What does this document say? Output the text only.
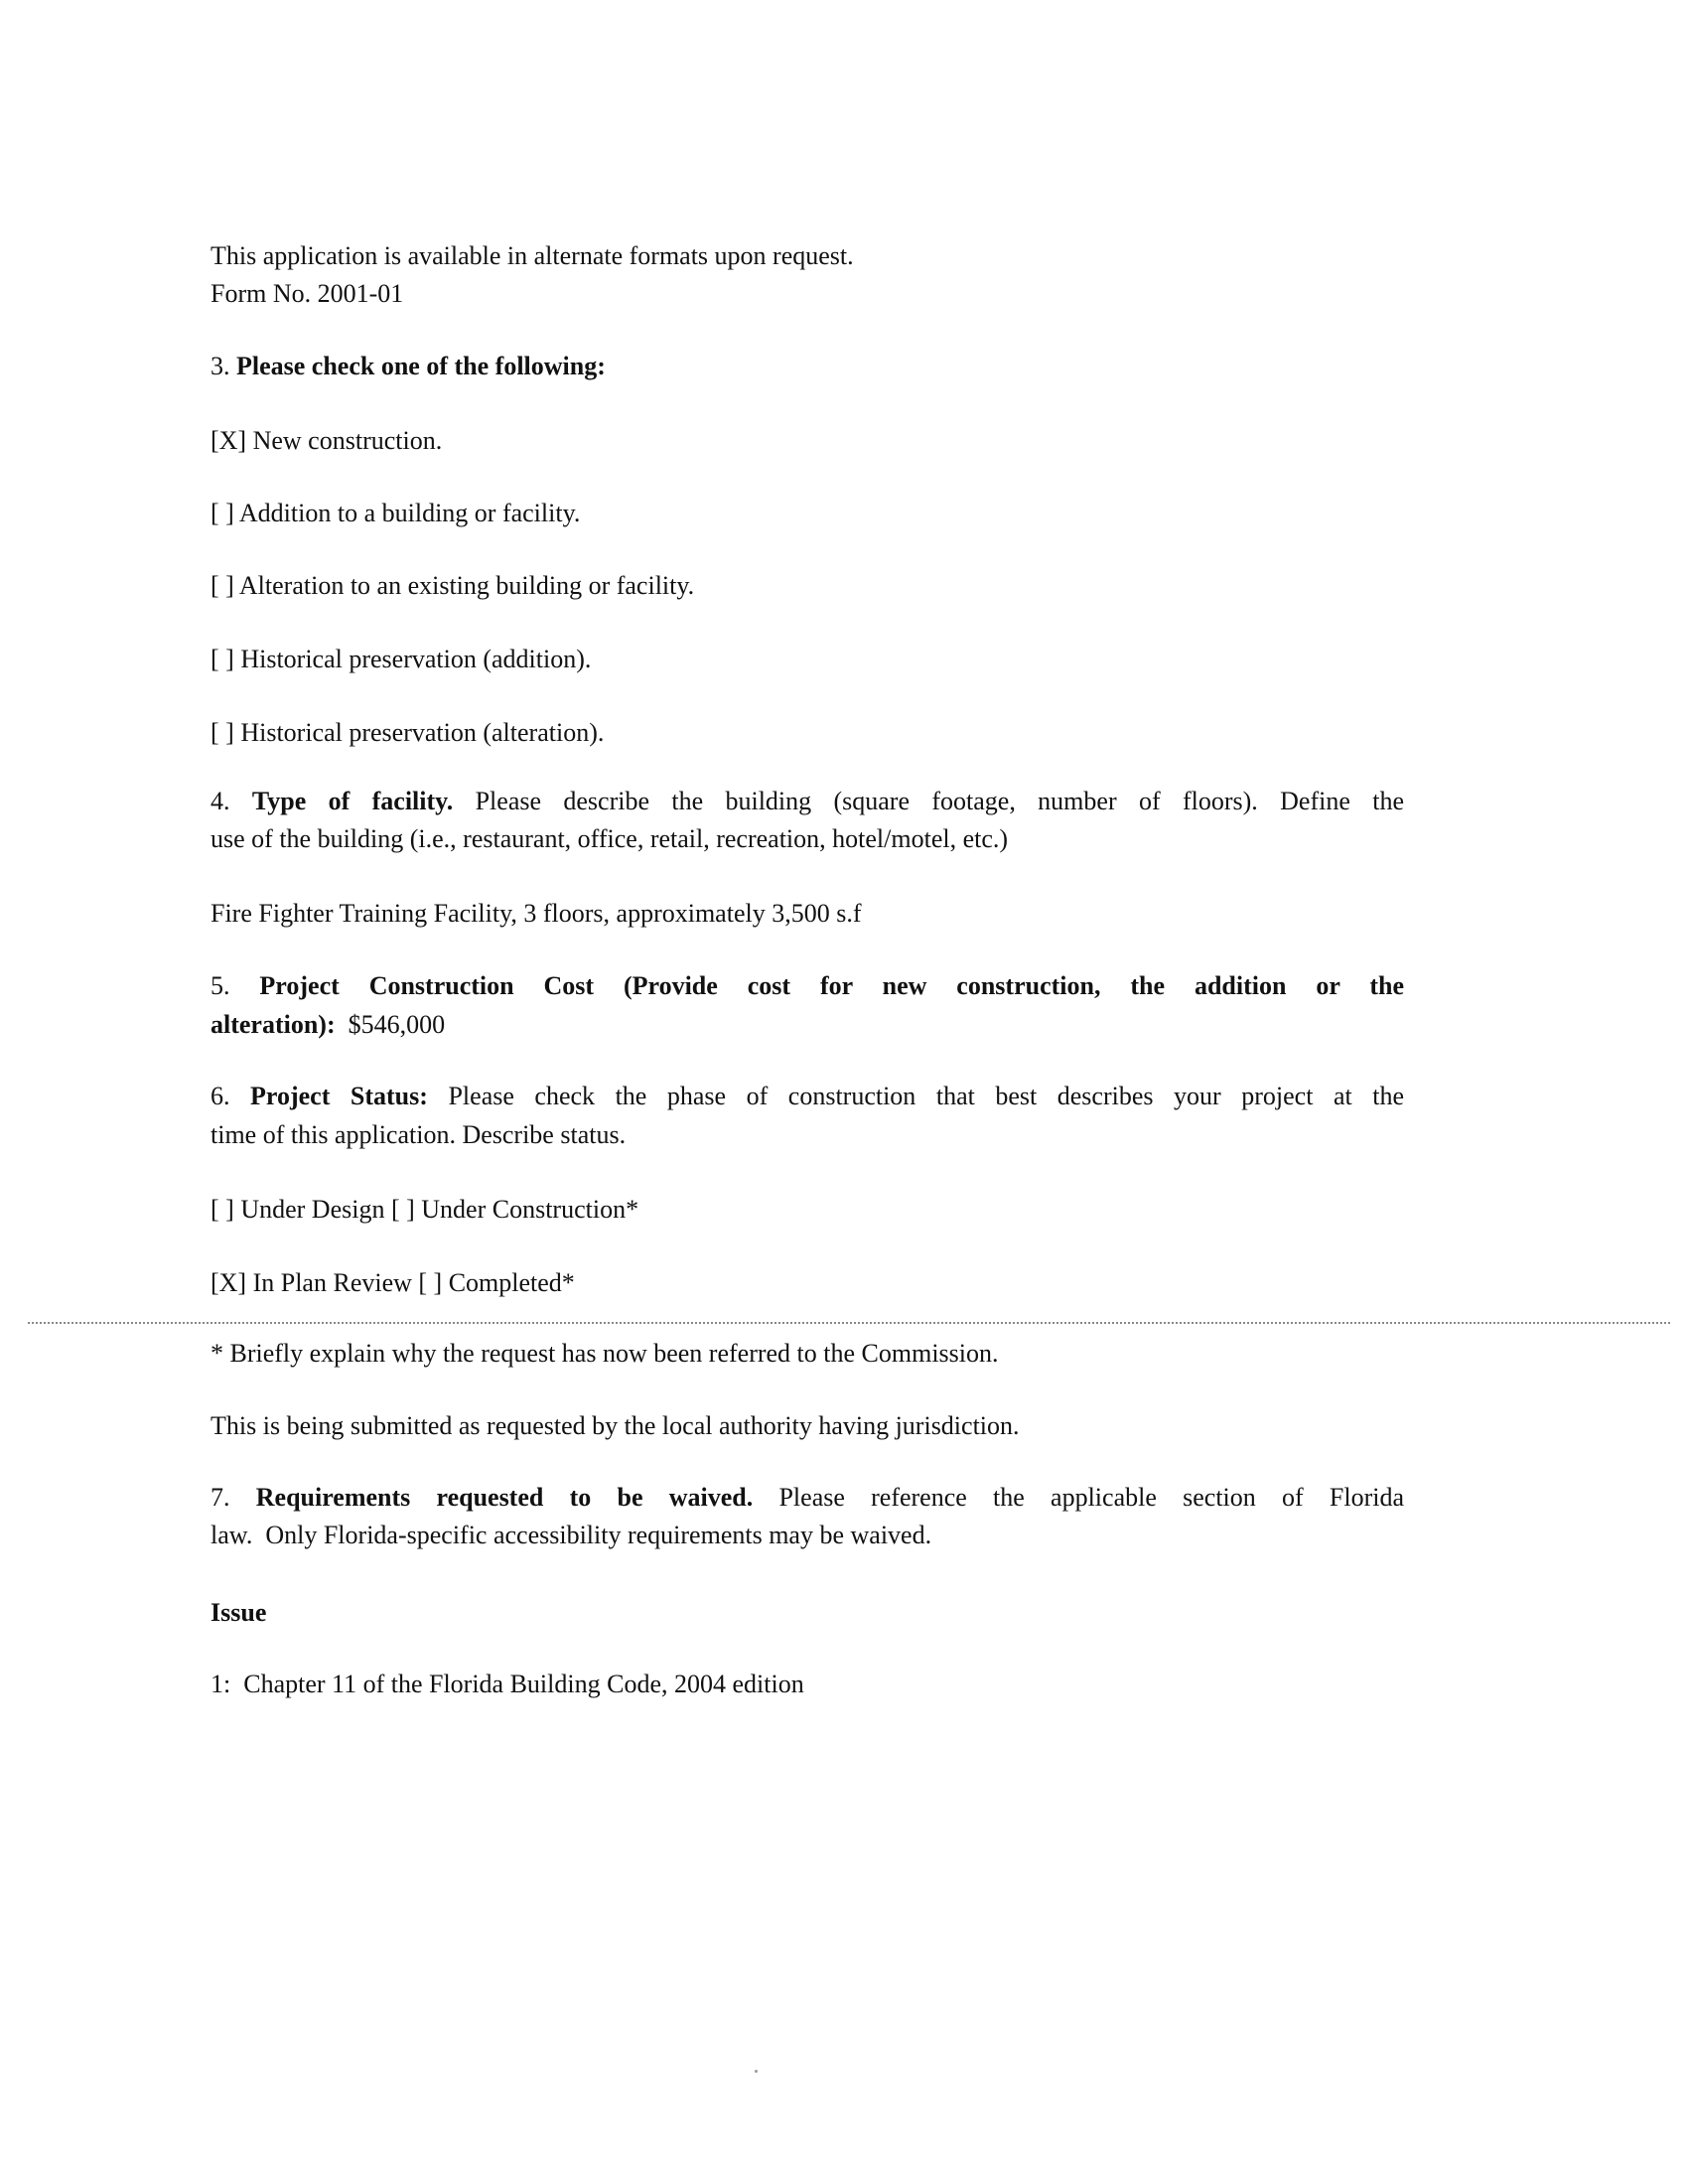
This application is available in alternate formats upon request.
Form No. 2001-01
3. Please check one of the following:
[X] New construction.
[ ] Addition to a building or facility.
[ ] Alteration to an existing building or facility.
[ ] Historical preservation (addition).
[ ] Historical preservation (alteration).
4. Type of facility. Please describe the building (square footage, number of floors). Define the
use of the building (i.e., restaurant, office, retail, recreation, hotel/motel, etc.)
Fire Fighter Training Facility, 3 floors, approximately 3,500 s.f
5. Project Construction Cost (Provide cost for new construction, the addition or the
alteration): $546,000
6. Project Status: Please check the phase of construction that best describes your project at the
time of this application. Describe status.
[ ] Under Design [ ] Under Construction*
[X] In Plan Review [ ] Completed*
* Briefly explain why the request has now been referred to the Commission.
This is being submitted as requested by the local authority having jurisdiction.
7. Requirements requested to be waived. Please reference the applicable section of Florida
law.  Only Florida-specific accessibility requirements may be waived.
Issue
1:  Chapter 11 of the Florida Building Code, 2004 edition
